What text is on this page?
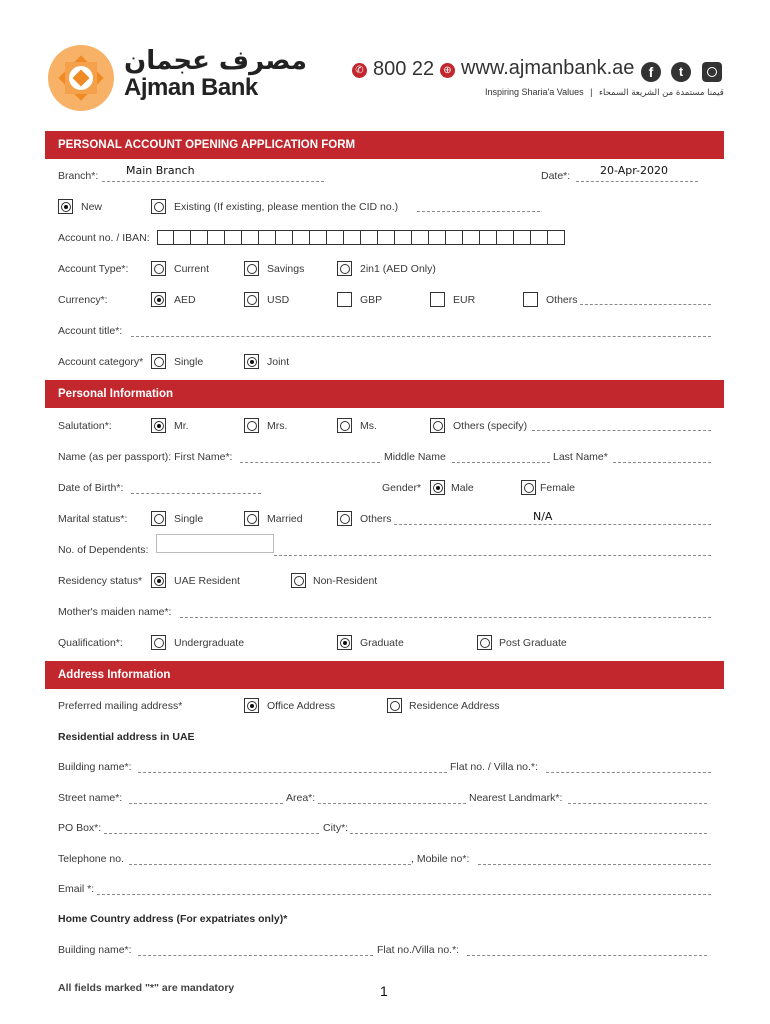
مصرف عجمان
Ajman Bank
✆ 800 22 ⊕ www.ajmanbank.ae	f	t
Inspiring Sharia'a Values | قيمنا مستمدة من الشريعة السمحاء
PERSONAL ACCOUNT OPENING APPLICATION FORM
Branch*:	Main Branch	Date*:	20-Apr-2020
New	Existing (If existing, please mention the CID no.)
Account no. / IBAN:
Account Type*:	Current	Savings	2in1 (AED Only)
Currency*:	AED	USD	GBP	EUR	Others
Account title*:
Account category*	Single	Joint
Personal Information
Salutation*:	Mr.	Mrs.	Ms.	Others (specify)
Name (as per passport): First Name*:	Middle Name	Last Name*
Date of Birth*:	Gender*	Male	Female
Marital status*:	Single	Married	Others	N/A
No. of Dependents:
Residency status*	UAE Resident	Non-Resident
Mother's maiden name*:
Qualification*:	Undergraduate	Graduate	Post Graduate
Address Information
Preferred mailing address*	Office Address	Residence Address
Residential address in UAE
Building name*:	Flat no. / Villa no.*:
Street name*:	Area*:	Nearest Landmark*:
PO Box*:	City*:
Telephone no.	, Mobile no*:
Email *:
Home Country address (For expatriates only)*
Building name*:	Flat no./Villa no.*:
All fields marked "*" are mandatory	1
